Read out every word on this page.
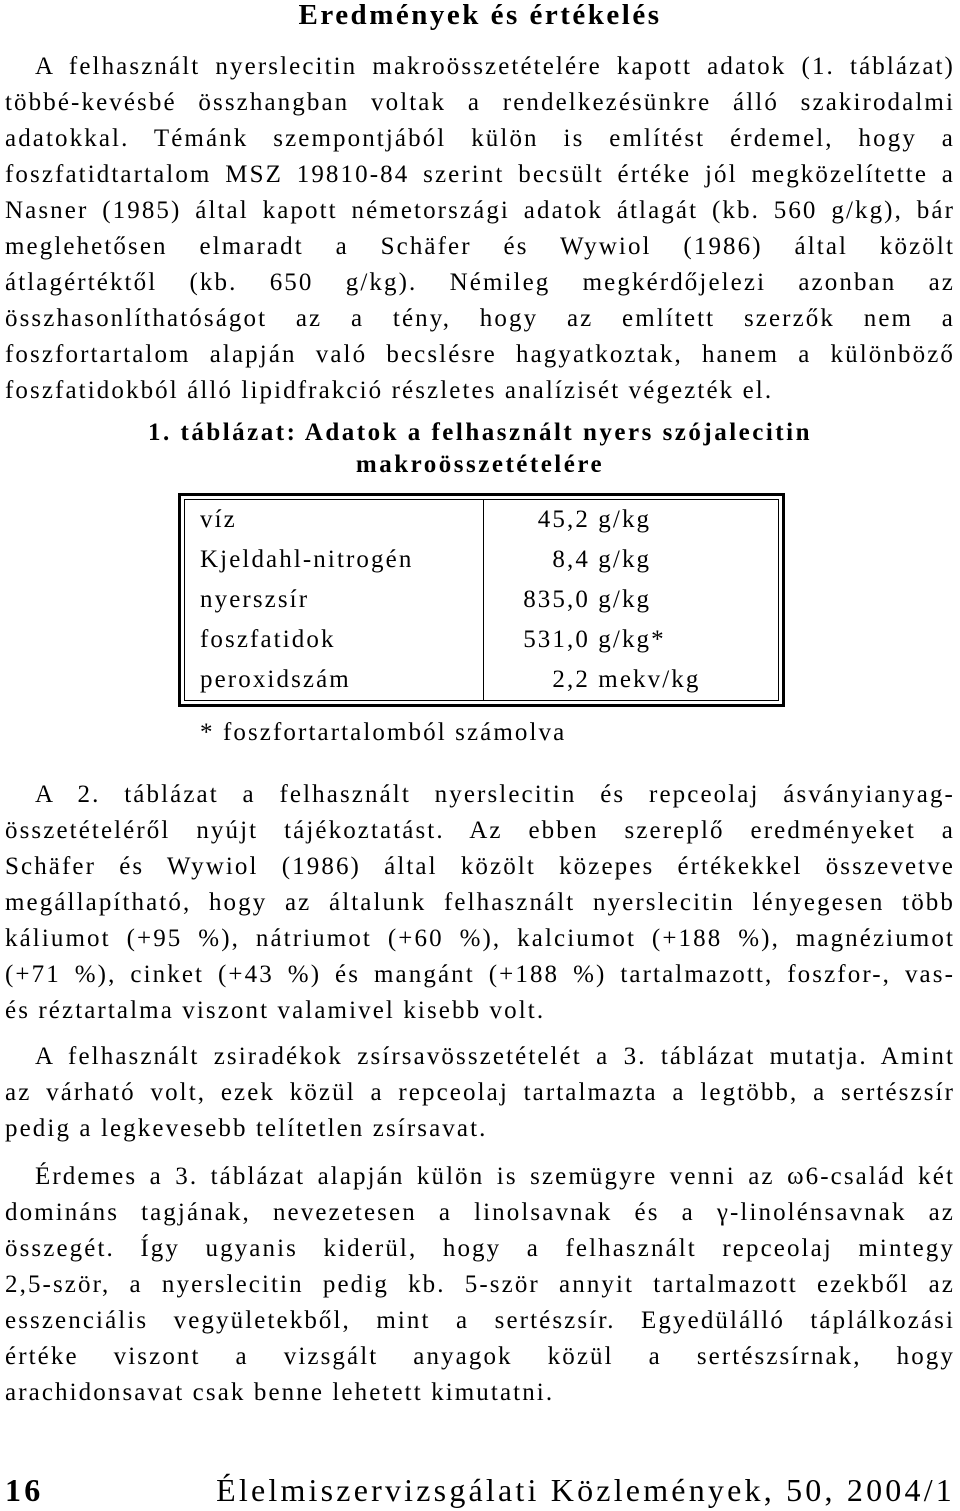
Eredmények és értékelés
A felhasznált nyerslecitin makroösszetételére kapott adatok (1. táblázat)
többé-kevésbé összhangban voltak a rendelkezésünkre álló szakirodalmi
adatokkal. Témánk szempontjából külön is említést érdemel, hogy a
foszfatidtartalom MSZ 19810-84 szerint becsült értéke jól megközelítette a
Nasner (1985) által kapott németországi adatok átlagát (kb. 560 g/kg), bár
meglehetősen elmaradt a Schäfer és Wywiol (1986) által közölt
átlagértéktől (kb. 650 g/kg). Némileg megkérdőjelezi azonban az
összhasonlíthatóságot az a tény, hogy az említett szerzők nem a
foszfortartalom alapján való becslésre hagyatkoztak, hanem a különböző
foszfatidokból álló lipidfrakció részletes analízisét végezték el.
1. táblázat: Adatok a felhasznált nyers szójalecitin
makroösszetételére
víz	45,2 g/kg
Kjeldahl-nitrogén	8,4 g/kg
nyerszsír	835,0 g/kg
foszfatidok	531,0 g/kg*
peroxidszám	2,2 mekv/kg
* foszfortartalomból számolva
A 2. táblázat a felhasznált nyerslecitin és repceolaj ásványianyag-
összetételéről nyújt tájékoztatást. Az ebben szereplő eredményeket a
Schäfer és Wywiol (1986) által közölt közepes értékekkel összevetve
megállapítható, hogy az általunk felhasznált nyerslecitin lényegesen több
káliumot (+95 %), nátriumot (+60 %), kalciumot (+188 %), magnéziumot
(+71 %), cinket (+43 %) és mangánt (+188 %) tartalmazott, foszfor-, vas-
és réztartalma viszont valamivel kisebb volt.
A felhasznált zsiradékok zsírsavösszetételét a 3. táblázat mutatja. Amint
az várható volt, ezek közül a repceolaj tartalmazta a legtöbb, a sertészsír
pedig a legkevesebb telítetlen zsírsavat.
Érdemes a 3. táblázat alapján külön is szemügyre venni az ω6-család két
domináns tagjának, nevezetesen a linolsavnak és a γ-linolénsavnak az
összegét. Így ugyanis kiderül, hogy a felhasznált repceolaj mintegy
2,5-ször, a nyerslecitin pedig kb. 5-ször annyit tartalmazott ezekből az
esszenciális vegyületekből, mint a sertészsír. Egyedülálló táplálkozási
értéke viszont a vizsgált anyagok közül a sertészsírnak, hogy
arachidonsavat csak benne lehetett kimutatni.
16	Élelmiszervizsgálati Közlemények, 50, 2004/1
